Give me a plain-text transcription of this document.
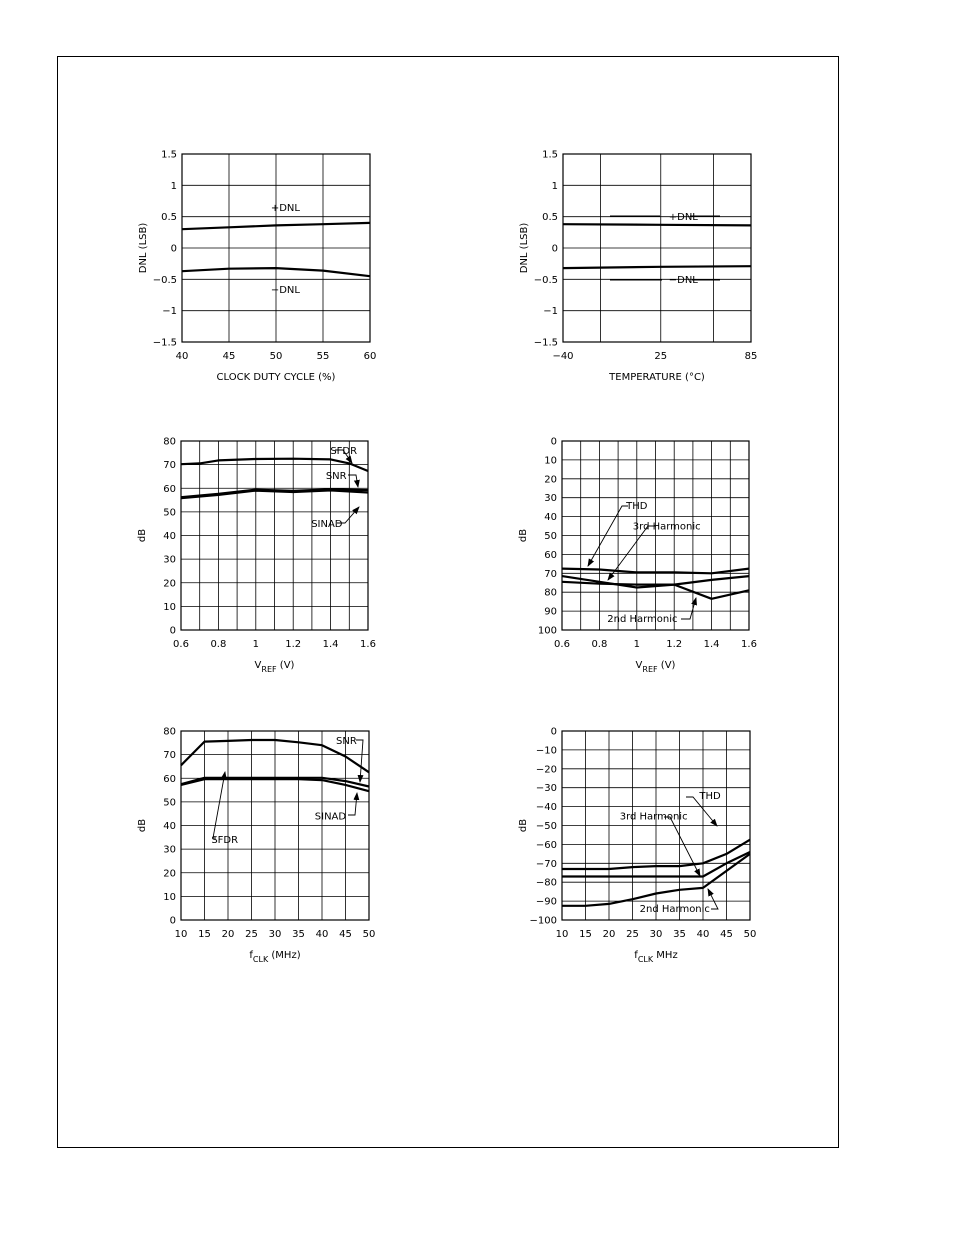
40	45	50	55	60
−1.5
−1
−0.5
0
0.5
1
1.5
CLOCK DUTY CYCLE (%)
DNL (LSB)
+DNL
−DNL
−40	25	85
−1.5
−1
−0.5
0
0.5
1
1.5
TEMPERATURE (°C)
DNL (LSB)
+DNL
−DNL
0.6 0.8	1	1.2 1.4 1.6
0
10
20
30
40
50
60
70
80
$V_{REF}$ (V)
dB
SFDR
SNR
SINAD
0.6 0.8	1	1.2 1.4 1.6
0
10
20
30
40
50
60
70
80
90
100
$V_{REF}$ (V)
dB
THD
3rd Harmonic
2nd Harmonic
10 15 20 25 30 35 40 45 50
0
10
20
30
40
50
60
70
80
$f_{CLK}$ (MHz)
dB
SNR
SFDR
SINAD
10 15 20 25 30 35 40 45 50
0
−10
−20
−30
−40
−50
−60
−70
−80
−90
−100
$f_{CLK}$ MHz
dB
THD
3rd Harmonic
2nd Harmonic
